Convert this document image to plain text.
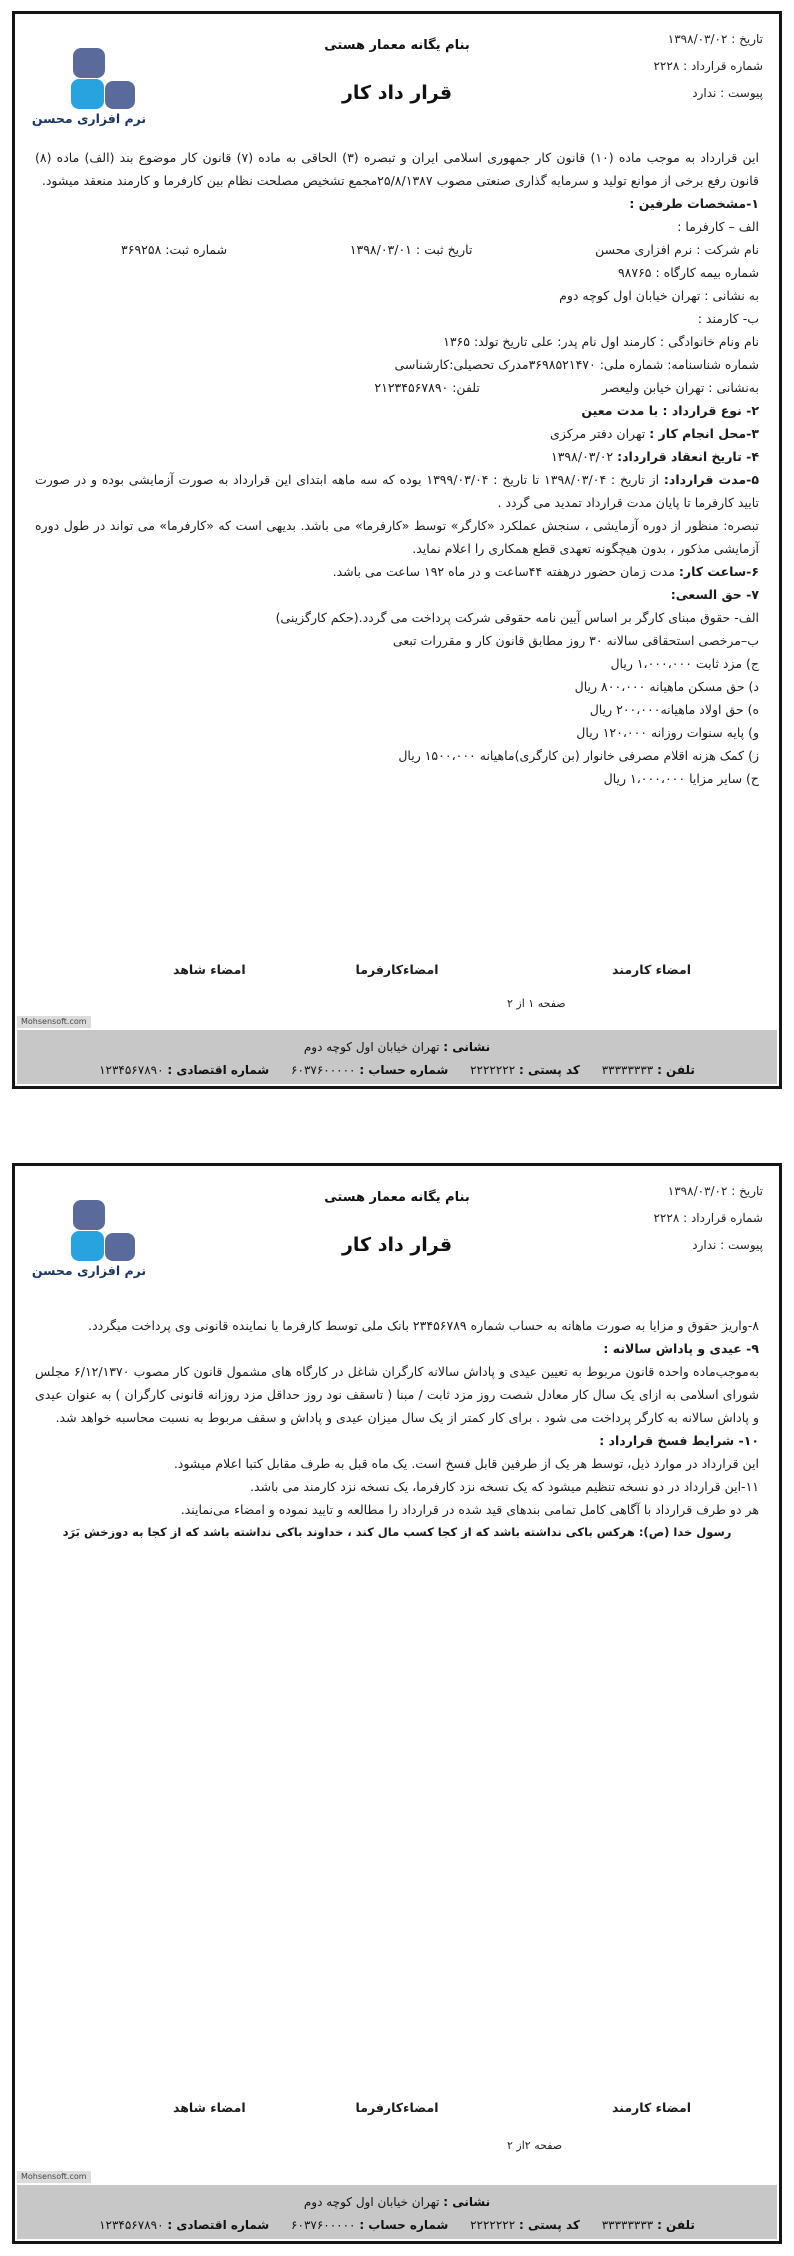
تاریخ : ۱۳۹۸/۰۳/۰۲
شماره قرارداد : ۲۲۲۸
پیوست : ندارد
بنام یگانه معمار هستی
قرار داد کار
نرم افزاری محسن

این قرارداد به موجب ماده (۱۰) قانون کار جمهوری اسلامی ایران و تبصره (۳) الحاقی به ماده (۷) قانون کار موضوع بند (الف) ماده (۸) قانون رفع برخی از موانع تولید و سرمایه گذاری صنعتی مصوب ۲۵/۸/۱۳۸۷مجمع تشخیص مصلحت نظام بین کارفرما و کارمند منعقد میشود.

۱-مشخصات طرفین :

الف – کارفرما :

نام شرکت : نرم افزاری محسن
تاریخ ثبت : ۱۳۹۸/۰۳/۰۱
شماره ثبت: ۳۶۹۲۵۸

شماره بیمه کارگاه : ۹۸۷۶۵

به نشانی : تهران خیابان اول کوچه دوم

ب- کارمند :

نام ونام خانوادگی : کارمند اول نام پدر: علی تاریخ تولد: ۱۳۶۵

شماره شناسنامه: شماره ملی: ۳۶۹۸۵۲۱۴۷۰مدرک تحصیلی:کارشناسی

به‌نشانی : تهران خیابن ولیعصر
تلفن: ۲۱۲۳۴۵۶۷۸۹۰

۲- نوع قرارداد : با مدت معین

۳-محل انجام کار : تهران دفتر مرکزی

۴- تاریخ انعقاد قرارداد: ۱۳۹۸/۰۳/۰۲

۵-مدت قرارداد: از تاریخ : ۱۳۹۸/۰۳/۰۴ تا تاریخ : ۱۳۹۹/۰۳/۰۴ بوده که سه ماهه ابتدای این قرارداد به صورت آزمایشی بوده و در صورت تایید کارفرما تا پایان مدت قرارداد تمدید می گردد .

تبصره: منظور از دوره آزمایشی ، سنجش عملکرد «کارگر» توسط «کارفرما» می باشد. بدیهی است که «کارفرما» می تواند در طول دوره آزمایشی مذکور ، بدون هیچگونه تعهدی قطع همکاری را اعلام نماید.

۶-ساعت کار: مدت زمان حضور درهفته ۴۴ساعت و در ماه ۱۹۲ ساعت می باشد.

۷- حق السعی:

الف- حقوق مبنای کارگر بر اساس آیین نامه حقوقی شرکت پرداخت می گردد.(حکم کارگزینی)

ب–مرخصی استحقاقی سالانه ۳۰ روز مطابق قانون کار و مقررات تبعی

ج) مزد ثابت ۱،۰۰۰،۰۰۰ ریال

د) حق مسکن ماهیانه ۸۰۰،۰۰۰ ریال

ه) حق اولاد ماهیانه۲۰۰،۰۰۰ ریال

و) پایه سنوات روزانه ۱۲۰،۰۰۰ ریال

ز) کمک هزنه اقلام مصرفی خانوار (بن کارگری)ماهیانه ۱۵۰۰،۰۰۰ ریال

ح) سایر مزایا ۱،۰۰۰،۰۰۰ ریال

امضاء کارمند
امضاءکارفرما
امضاء شاهد
صفحه ۱ از ۲
Mohsensoft.com
نشانی : تهران خیابان اول کوچه دوم
تلفن : ۳۳۳۳۳۳۳۳ کد پستی : ۲۲۲۲۲۲۲ شماره حساب : ۶۰۳۷۶۰۰۰۰۰ شماره اقتصادی : ۱۲۳۴۵۶۷۸۹۰
تاریخ : ۱۳۹۸/۰۳/۰۲
شماره قرارداد : ۲۲۲۸
پیوست : ندارد
بنام یگانه معمار هستی
قرار داد کار
نرم افزاری محسن

۸-واریز حقوق و مزایا به صورت ماهانه به حساب شماره ۲۳۴۵۶۷۸۹ بانک ملی توسط کارفرما یا نماینده قانونی وی پرداخت میگردد.

۹- عیدی و پاداش سالانه :

به‌موجب‌ماده واحده قانون مربوط به تعیین عیدی و پاداش سالانه کارگران شاغل در کارگاه های مشمول قانون کار مصوب ۶/۱۲/۱۳۷۰ مجلس شورای اسلامی به ازای یک سال کار معادل شصت روز مزد ثابت / مبنا ( تاسقف نود روز حداقل مزد روزانه قانونی کارگران ) به عنوان عیدی و پاداش سالانه به کارگر پرداخت می شود . برای کار کمتر از یک سال میزان عیدی و پاداش و سقف مربوط به نسبت محاسبه خواهد شد.

۱۰- شرایط فسخ قرارداد :

این قرارداد در موارد ذیل، توسط هر یک از طرفین قابل فسخ است. یک ماه قبل به طرف مقابل کتبا اعلام میشود.

۱۱-این قرارداد در دو نسخه تنظیم میشود که یک نسخه نزد کارفرما، یک نسخه نزد کارمند می باشد.

هر دو طرف قرارداد با آگاهی کامل تمامی بندهای قید شده در قرارداد را مطالعه و تایید نموده و امضاء می‌نمایند.

رسول خدا (ص): هرکس باکی نداشته باشد که از کجا کسب مال کند ، خداوند باکی نداشته باشد که از کجا به دوزخش بَرَد

امضاء کارمند
امضاءکارفرما
امضاء شاهد
صفحه ۲از ۲
Mohsensoft.com
نشانی : تهران خیابان اول کوچه دوم
تلفن : ۳۳۳۳۳۳۳۳ کد پستی : ۲۲۲۲۲۲۲ شماره حساب : ۶۰۳۷۶۰۰۰۰۰ شماره اقتصادی : ۱۲۳۴۵۶۷۸۹۰
